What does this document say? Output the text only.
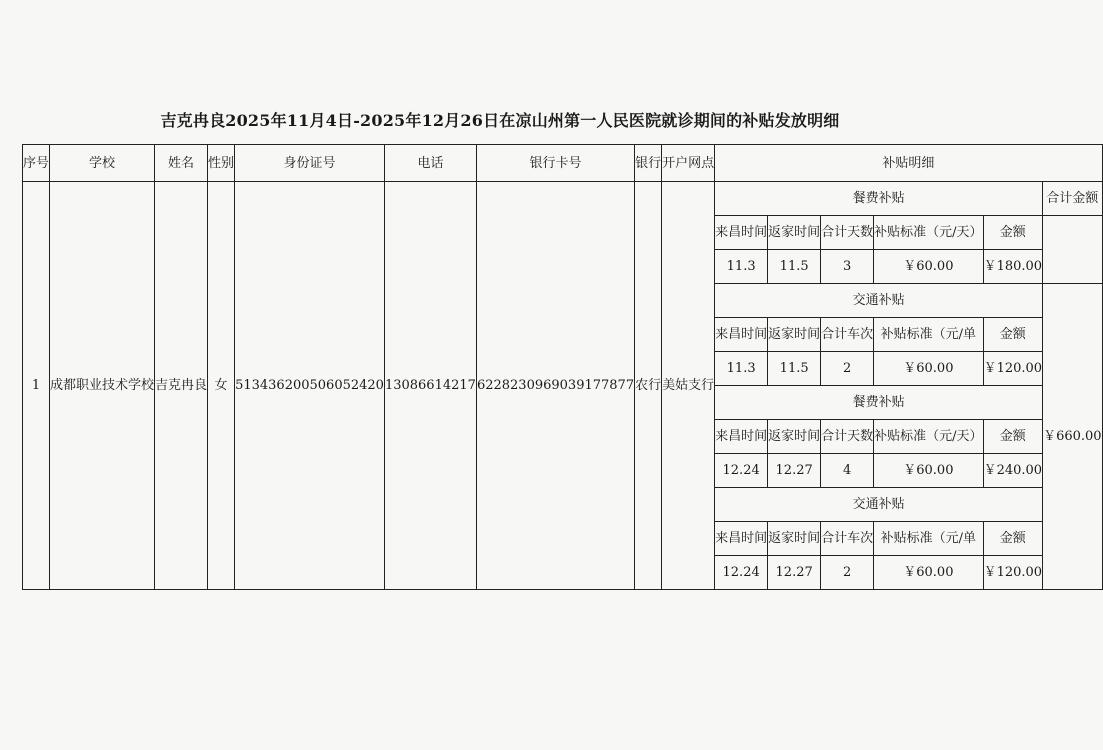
吉克冉良2025年11月4日-2025年12月26日在凉山州第一人民医院就诊期间的补贴发放明细
序号	学校	姓名	性别	身份证号	电话	银行卡号	银行	开户网点	补贴明细					
1	成都职业技术学校	吉克冉良	女	513436200506052420	13086614217	6228230969039177877	农行	美姑支行	餐费补贴					合计金额
									来昌时间	返家时间	合计天数	补贴标准（元/天）	金额	
									11.3	11.5	3	￥60.00	￥180.00	
									交通补贴					￥660.00
									来昌时间	返家时间	合计车次	补贴标准（元/单	金额	
									11.3	11.5	2	￥60.00	￥120.00	
									餐费补贴					
									来昌时间	返家时间	合计天数	补贴标准（元/天）	金额	
									12.24	12.27	4	￥60.00	￥240.00	
									交通补贴					
									来昌时间	返家时间	合计车次	补贴标准（元/单	金额	
									12.24	12.27	2	￥60.00	￥120.00	
